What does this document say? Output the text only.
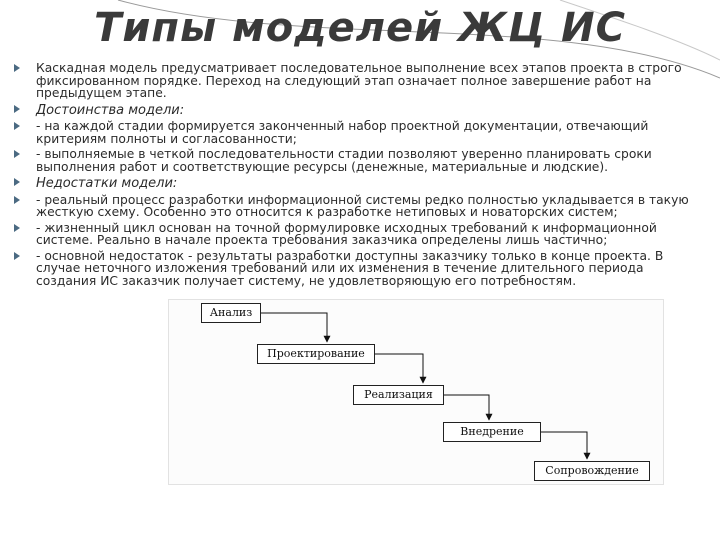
Типы моделей ЖЦ ИС
Каскадная модель предусматривает последовательное выполнение всех этапов проекта в строго фиксированном порядке. Переход на следующий этап означает полное завершение работ на предыдущем этапе.
Достоинства модели:
- на каждой стадии формируется законченный набор проектной документации, отвечающий критериям полноты и согласованности;
- выполняемые в четкой последовательности стадии позволяют уверенно планировать сроки выполнения работ и соответствующие ресурсы (денежные, материальные и людские).
Недостатки модели:
- реальный процесс разработки информационной системы редко полностью укладывается в такую жесткую схему. Особенно это относится к разработке нетиповых и новаторских систем;
- жизненный цикл основан на точной формулировке исходных требований к информационной системе. Реально в начале проекта требования заказчика определены лишь частично;
- основной недостаток - результаты разработки доступны заказчику только в конце проекта. В случае неточного изложения требований или их изменения в течение длительного периода создания ИС заказчик получает систему, не удовлетворяющую его потребностям.
Анализ
Проектирование
Реализация
Внедрение
Сопровождение
